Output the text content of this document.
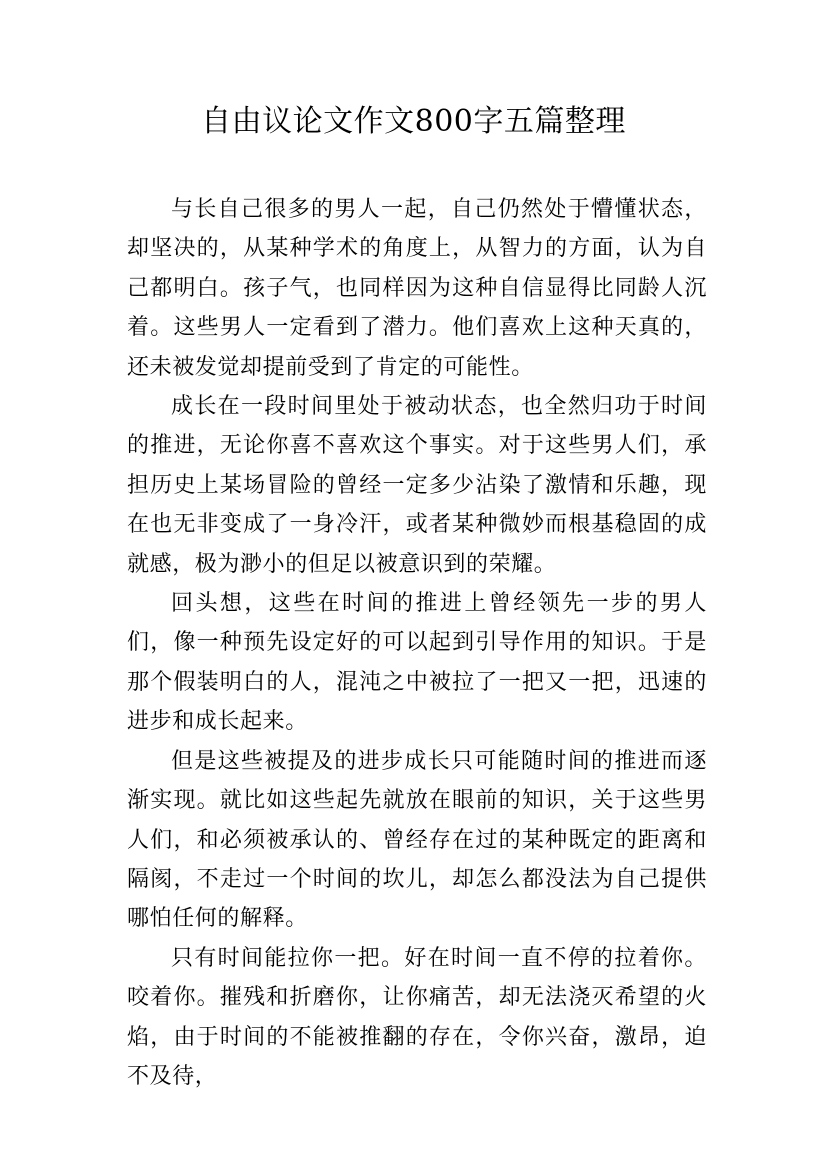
自由议论文作文800字五篇整理

与长自己很多的男人一起，自己仍然处于懵懂状态，却坚决的，从某种学术的角度上，从智力的方面，认为自己都明白。孩子气，也同样因为这种自信显得比同龄人沉着。这些男人一定看到了潜力。他们喜欢上这种天真的，还未被发觉却提前受到了肯定的可能性。

成长在一段时间里处于被动状态，也全然归功于时间的推进，无论你喜不喜欢这个事实。对于这些男人们，承担历史上某场冒险的曾经一定多少沾染了激情和乐趣，现在也无非变成了一身冷汗，或者某种微妙而根基稳固的成就感，极为渺小的但足以被意识到的荣耀。

回头想，这些在时间的推进上曾经领先一步的男人们，像一种预先设定好的可以起到引导作用的知识。于是那个假装明白的人，混沌之中被拉了一把又一把，迅速的进步和成长起来。

但是这些被提及的进步成长只可能随时间的推进而逐渐实现。就比如这些起先就放在眼前的知识，关于这些男人们，和必须被承认的、曾经存在过的某种既定的距离和隔阂，不走过一个时间的坎儿，却怎么都没法为自己提供哪怕任何的解释。

只有时间能拉你一把。好在时间一直不停的拉着你。咬着你。摧残和折磨你，让你痛苦，却无法浇灭希望的火焰，由于时间的不能被推翻的存在，令你兴奋，激昂，迫不及待，
